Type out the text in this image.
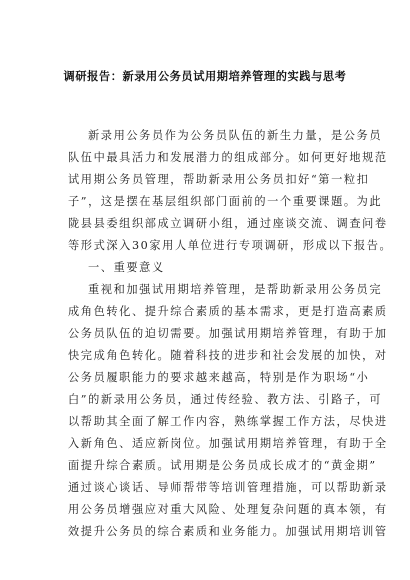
调研报告：新录用公务员试用期培养管理的实践与思考
新录用公务员作为公务员队伍的新生力量，是公务员
队伍中最具活力和发展潜力的组成部分。如何更好地规范
试用期公务员管理，帮助新录用公务员扣好“第一粒扣
子”，这是摆在基层组织部门面前的一个重要课题。为此
陇县县委组织部成立调研小组，通过座谈交流、调查问卷
等形式深入30家用人单位进行专项调研，形成以下报告。
一、重要意义
重视和加强试用期培养管理，是帮助新录用公务员完
成角色转化、提升综合素质的基本需求，更是打造高素质
公务员队伍的迫切需要。加强试用期培养管理，有助于加
快完成角色转化。随着科技的进步和社会发展的加快，对
公务员履职能力的要求越来越高，特别是作为职场“小
白”的新录用公务员，通过传经验、教方法、引路子，可
以帮助其全面了解工作内容，熟练掌握工作方法，尽快进
入新角色、适应新岗位。加强试用期培养管理，有助于全
面提升综合素质。试用期是公务员成长成才的“黄金期”
通过谈心谈话、导师帮带等培训管理措施，可以帮助新录
用公务员增强应对重大风险、处理复杂问题的真本领，有
效提升公务员的综合素质和业务能力。加强试用期培训管
